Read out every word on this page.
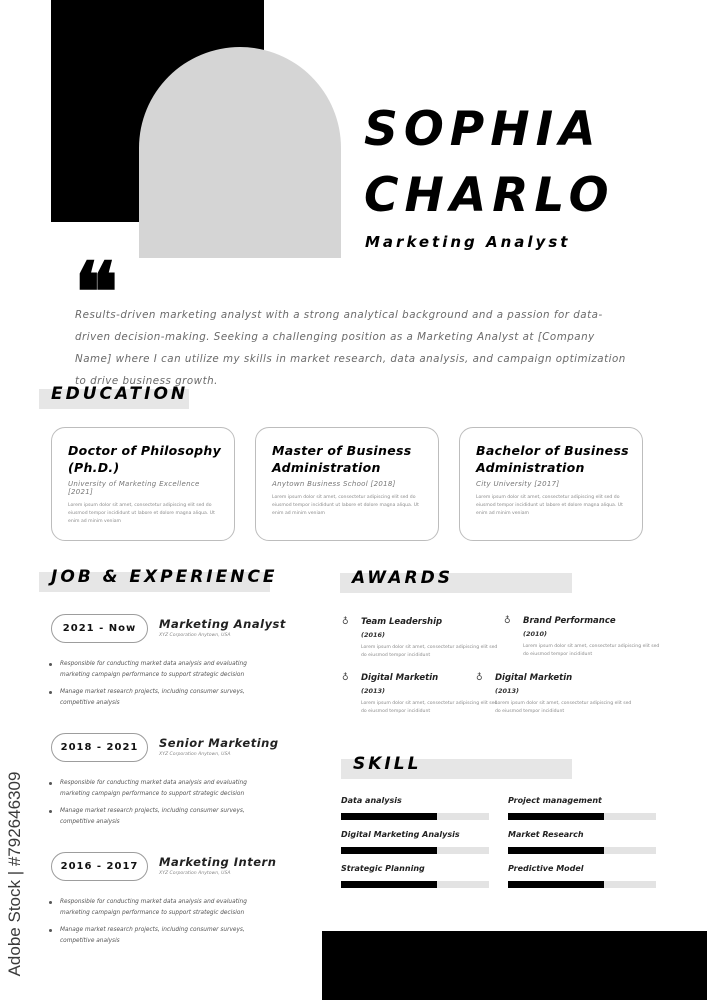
SOPHIA
CHARLO
Marketing Analyst
❝
Results-driven marketing analyst with a strong analytical background and a passion for data-driven decision-making. Seeking a challenging position as a Marketing Analyst at [Company Name] where I can utilize my skills in market research, data analysis, and campaign optimization to drive business growth.
EDUCATION
Doctor of Philosophy (Ph.D.)
University of Marketing Excellence [2021]
Lorem ipsum dolor sit amet, consectetur adipiscing elit sed do eiusmod tempor incididunt ut labore et dolore magna aliqua. Ut enim ad minim veniam
Master of Business Administration
Anytown Business School [2018]
Lorem ipsum dolor sit amet, consectetur adipiscing elit sed do eiusmod tempor incididunt ut labore et dolore magna aliqua. Ut enim ad minim veniam
Bachelor of Business Administration
City University [2017]
Lorem ipsum dolor sit amet, consectetur adipiscing elit sed do eiusmod tempor incididunt ut labore et dolore magna aliqua. Ut enim ad minim veniam
JOB & EXPERIENCE
2021 - Now	Marketing Analyst
XYZ Corporation Anytown, USA
Responsible for conducting market data analysis and evaluating marketing campaign performance to support strategic decision
Manage market research projects, including consumer surveys, competitive analysis
2018 - 2021	Senior Marketing
XYZ Corporation Anytown, USA
Responsible for conducting market data analysis and evaluating marketing campaign performance to support strategic decision
Manage market research projects, including consumer surveys, competitive analysis
2016 - 2017	Marketing Intern
XYZ Corporation Anytown, USA
Responsible for conducting market data analysis and evaluating marketing campaign performance to support strategic decision
Manage market research projects, including consumer surveys, competitive analysis
AWARDS
♁ Team Leadership
(2016)
Lorem ipsum dolor sit amet, consectetur adipiscing elit sed do eiusmod tempor incididunt
♁ Brand Performance
(2010)
Lorem ipsum dolor sit amet, consectetur adipiscing elit sed do eiusmod tempor incididunt
♁ Digital Marketin
(2013)
Lorem ipsum dolor sit amet, consectetur adipiscing elit sed do eiusmod tempor incididunt
♁ Digital Marketin
(2013)
Lorem ipsum dolor sit amet, consectetur adipiscing elit sed do eiusmod tempor incididunt
SKILL
Data analysis	Project management
Digital Marketing Analysis	Market Research
Strategic Planning	Predictive Model
Adobe Stock | #792646309
